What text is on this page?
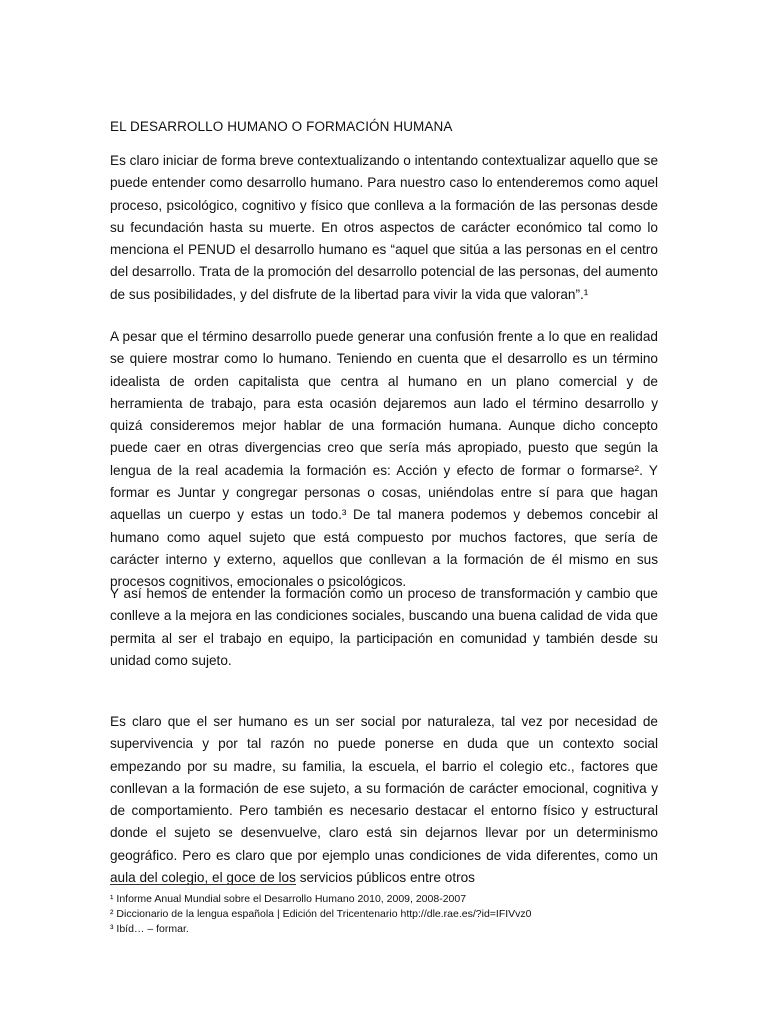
EL DESARROLLO HUMANO O FORMACIÓN HUMANA

Es claro iniciar de forma breve contextualizando o intentando contextualizar aquello que se puede entender como desarrollo humano. Para nuestro caso lo entenderemos como aquel proceso, psicológico, cognitivo y físico que conlleva a la formación de las personas desde su fecundación hasta su muerte. En otros aspectos de carácter económico tal como lo menciona el PENUD el desarrollo humano es “aquel que sitúa a las personas en el centro del desarrollo. Trata de la promoción del desarrollo potencial de las personas, del aumento de sus posibilidades, y del disfrute de la libertad para vivir la vida que valoran”.¹

A pesar que el término desarrollo puede generar una confusión frente a lo que en realidad se quiere mostrar como lo humano. Teniendo en cuenta que el desarrollo es un término idealista de orden capitalista que centra al humano en un plano comercial y de herramienta de trabajo, para esta ocasión dejaremos aun lado el término desarrollo y quizá consideremos mejor hablar de una formación humana. Aunque dicho concepto puede caer en otras divergencias creo que sería más apropiado, puesto que según la lengua de la real academia la formación es: Acción y efecto de formar o formarse². Y formar es Juntar y congregar personas o cosas, uniéndolas entre sí para que hagan aquellas un cuerpo y estas un todo.³ De tal manera podemos y debemos concebir al humano como aquel sujeto que está compuesto por muchos factores, que sería de carácter interno y externo, aquellos que conllevan a la formación de él mismo en sus procesos cognitivos, emocionales o psicológicos.

Y así hemos de entender la formación como un proceso de transformación y cambio que conlleve a la mejora en las condiciones sociales, buscando una buena calidad de vida que permita al ser el trabajo en equipo, la participación en comunidad y también desde su unidad como sujeto.

Es claro que el ser humano es un ser social por naturaleza, tal vez por necesidad de supervivencia y por tal razón no puede ponerse en duda que un contexto social empezando por su madre, su familia, la escuela, el barrio el colegio etc., factores que conllevan a la formación de ese sujeto, a su formación de carácter emocional, cognitiva y de comportamiento. Pero también es necesario destacar el entorno físico y estructural donde el sujeto se desenvuelve, claro está sin dejarnos llevar por un determinismo geográfico. Pero es claro que por ejemplo unas condiciones de vida diferentes, como un aula del colegio, el goce de los servicios públicos entre otros

¹ Informe Anual Mundial sobre el Desarrollo Humano 2010, 2009, 2008-2007

² Diccionario de la lengua española | Edición del Tricentenario http://dle.rae.es/?id=IFIVvz0

³ Ibíd… – formar.
